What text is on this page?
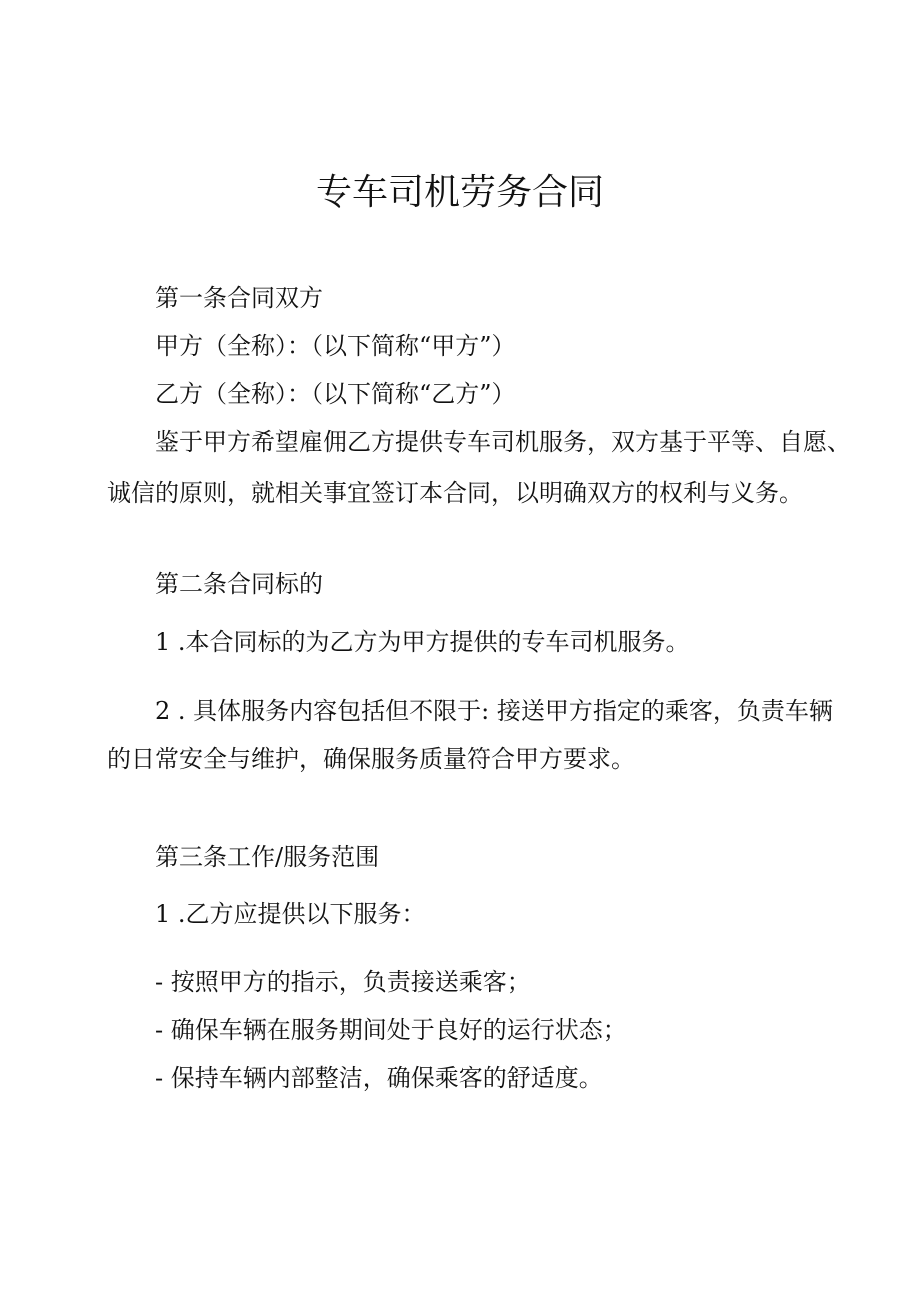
专车司机劳务合同

第一条合同双方

甲方（全称）：（以下简称“甲方”）

乙方（全称）：（以下简称“乙方”）

鉴于甲方希望雇佣乙方提供专车司机服务，双方基于平等、自愿、

诚信的原则，就相关事宜签订本合同，以明确双方的权利与义务。

第二条合同标的

1 .本合同标的为乙方为甲方提供的专车司机服务。

2 . 具体服务内容包括但不限于: 接送甲方指定的乘客，负责车辆

的日常安全与维护，确保服务质量符合甲方要求。

第三条工作/服务范围

1 .乙方应提供以下服务：

- 按照甲方的指示，负责接送乘客；

- 确保车辆在服务期间处于良好的运行状态；

- 保持车辆内部整洁，确保乘客的舒适度。
